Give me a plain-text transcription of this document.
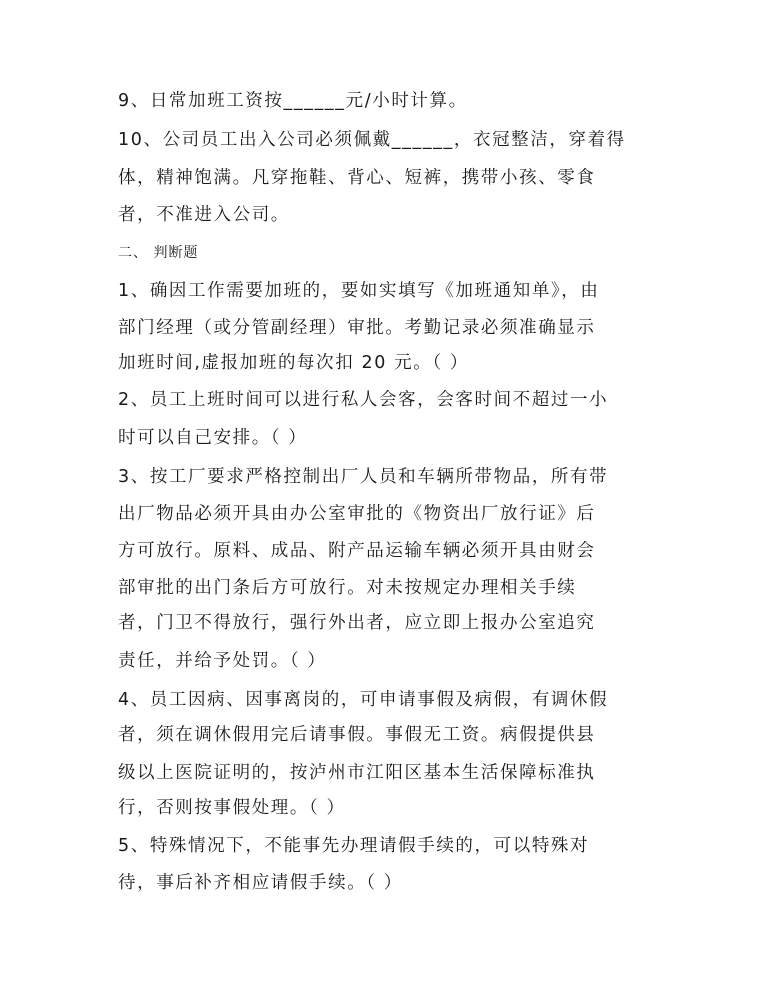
9、日常加班工资按______元/小时计算。
10、公司员工出入公司必须佩戴______，衣冠整洁，穿着得
体，精神饱满。凡穿拖鞋、背心、短裤，携带小孩、零食
者，不准进入公司。
二、 判断题
1、确因工作需要加班的，要如实填写《加班通知单》，由
部门经理（或分管副经理）审批。考勤记录必须准确显示
加班时间,虚报加班的每次扣 20 元。（ ）
2、员工上班时间可以进行私人会客，会客时间不超过一小
时可以自己安排。（ ）
3、按工厂要求严格控制出厂人员和车辆所带物品，所有带
出厂物品必须开具由办公室审批的《物资出厂放行证》后
方可放行。原料、成品、附产品运输车辆必须开具由财会
部审批的出门条后方可放行。对未按规定办理相关手续
者，门卫不得放行，强行外出者，应立即上报办公室追究
责任，并给予处罚。（ ）
4、员工因病、因事离岗的，可申请事假及病假，有调休假
者，须在调休假用完后请事假。事假无工资。病假提供县
级以上医院证明的，按泸州市江阳区基本生活保障标准执
行，否则按事假处理。（ ）
5、特殊情况下，不能事先办理请假手续的，可以特殊对
待，事后补齐相应请假手续。（ ）
